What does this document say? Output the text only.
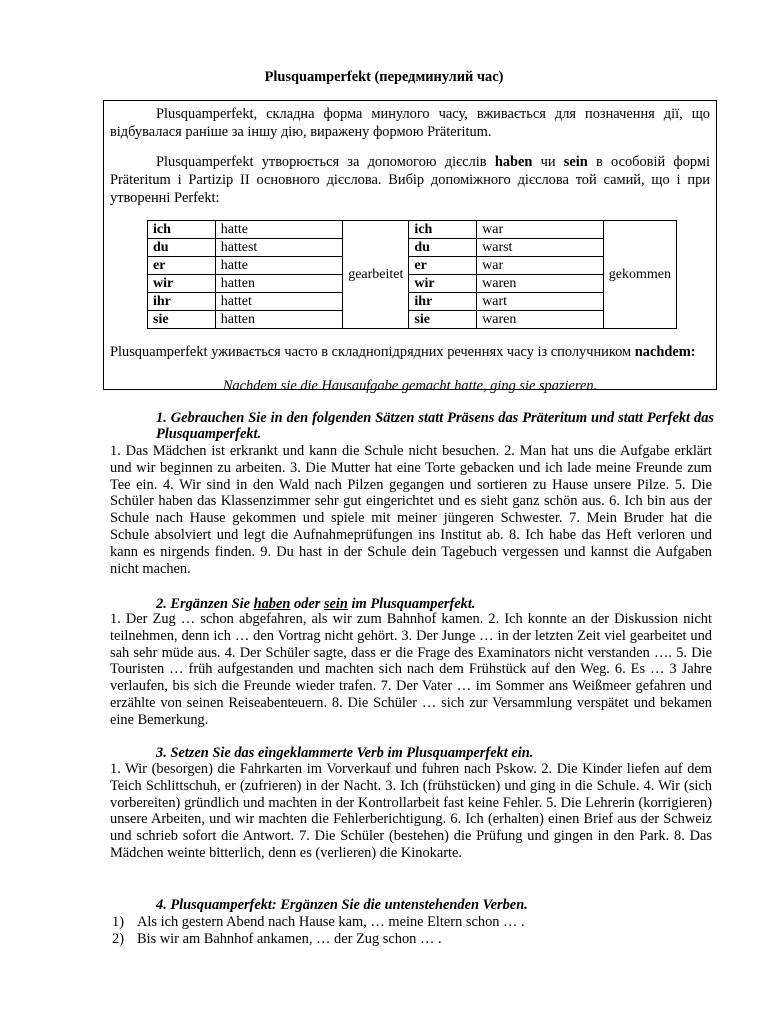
Plusquamperfekt (передминулий час)

Plusquamperfekt, складна форма минулого часу, вживається для позначення дії, що відбувалася раніше за іншу дію, виражену формою Präteritum.

Plusquamperfekt утворюється за допомогою дієслів haben чи sein в особовій формі Präteritum і Partizip II основного дієслова. Вибір допоміжного дієслова той самий, що і при утворенні Perfekt:

ich	hatte	gearbeitet	ich	war	gekommen
du	hattest		du	warst	
er	hatte		er	war	
wir	hatten		wir	waren	
ihr	hattet		ihr	wart	
sie	hatten		sie	waren	

Plusquamperfekt уживається часто в складнопідрядних реченнях часу із сполучником nachdem:

Nachdem sie die Hausaufgabe gemacht hatte, ging sie spazieren.
1. Gebrauchen Sie in den folgenden Sätzen statt Präsens das Präteritum und statt Perfekt das Plusquamperfekt.

1. Das Mädchen ist erkrankt und kann die Schule nicht besuchen. 2. Man hat uns die Aufgabe erklärt und wir beginnen zu arbeiten. 3. Die Mutter hat eine Torte gebacken und ich lade meine Freunde zum Tee ein. 4. Wir sind in den Wald nach Pilzen gegangen und sortieren zu Hause unsere Pilze. 5. Die Schüler haben das Klassenzimmer sehr gut eingerichtet und es sieht ganz schön aus. 6. Ich bin aus der Schule nach Hause gekommen und spiele mit meiner jüngeren Schwester. 7. Mein Bruder hat die Schule absolviert und legt die Aufnahmeprüfungen ins Institut ab. 8. Ich habe das Heft verloren und kann es nirgends finden. 9. Du hast in der Schule dein Tagebuch vergessen und kannst die Aufgaben nicht machen.

2. Ergänzen Sie haben oder sein im Plusquamperfekt.

1. Der Zug … schon abgefahren, als wir zum Bahnhof kamen. 2. Ich konnte an der Diskussion nicht teilnehmen, denn ich … den Vortrag nicht gehört. 3. Der Junge … in der letzten Zeit viel gearbeitet und sah sehr müde aus. 4. Der Schüler sagte, dass er die Frage des Examinators nicht verstanden …. 5. Die Touristen … früh aufgestanden und machten sich nach dem Frühstück auf den Weg. 6. Es … 3 Jahre verlaufen, bis sich die Freunde wieder trafen. 7. Der Vater … im Sommer ans Weißmeer gefahren und erzählte von seinen Reiseabenteuern. 8. Die Schüler … sich zur Versammlung verspätet und bekamen eine Bemerkung.

3. Setzen Sie das eingeklammerte Verb im Plusquamperfekt ein.

1. Wir (besorgen) die Fahrkarten im Vorverkauf und fuhren nach Pskow. 2. Die Kinder liefen auf dem Teich Schlittschuh, er (zufrieren) in der Nacht. 3. Ich (frühstücken) und ging in die Schule. 4. Wir (sich vorbereiten) gründlich und machten in der Kontrollarbeit fast keine Fehler. 5. Die Lehrerin (korrigieren) unsere Arbeiten, und wir machten die Fehlerberichtigung. 6. Ich (erhalten) einen Brief aus der Schweiz und schrieb sofort die Antwort. 7. Die Schüler (bestehen) die Prüfung und gingen in den Park. 8. Das Mädchen weinte bitterlich, denn es (verlieren) die Kinokarte.

4. Plusquamperfekt: Ergänzen Sie die untenstehenden Verben.
1) Als ich gestern Abend nach Hause kam, … meine Eltern schon … .
2) Bis wir am Bahnhof ankamen, … der Zug schon … .
